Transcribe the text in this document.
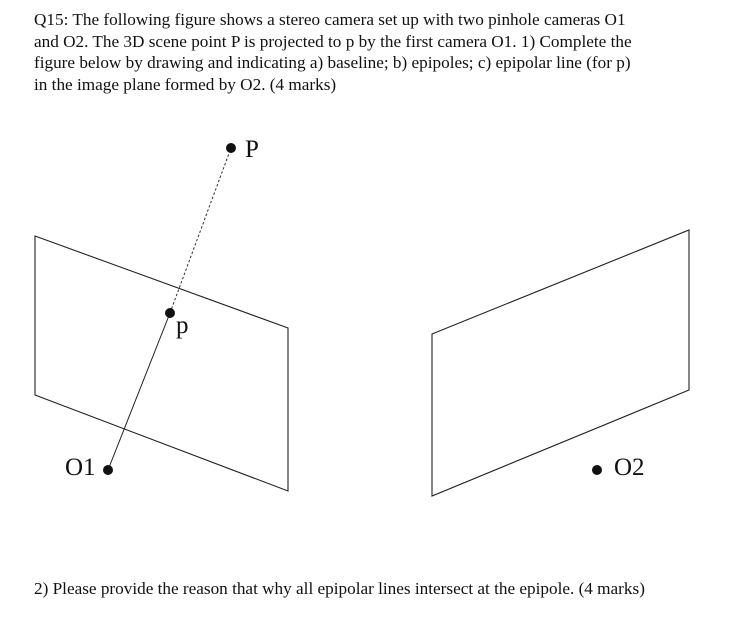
Q15: The following figure shows a stereo camera set up with two pinhole cameras O1
and O2. The 3D scene point P is projected to p by the first camera O1. 1) Complete the
figure below by drawing and indicating a) baseline; b) epipoles; c) epipolar line (for p)
in the image plane formed by O2. (4 marks)
P
p
O1	O2

2) Please provide the reason that why all epipolar lines intersect at the epipole. (4 marks)
